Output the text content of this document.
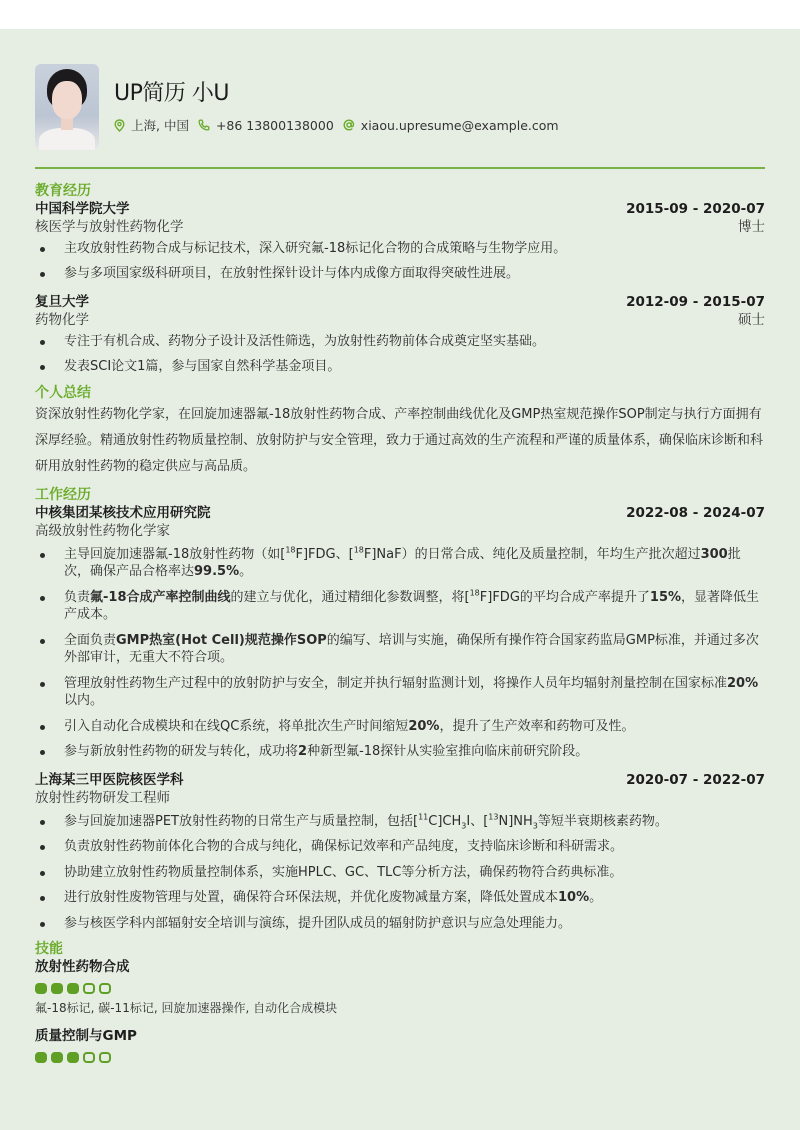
UP简历 小U
上海, 中国 +86 13800138000 xiaou.upresume@example.com
教育经历
中国科学院大学	2015-09 - 2020-07
核医学与放射性药物化学	博士
主攻放射性药物合成与标记技术，深入研究氟-18标记化合物的合成策略与生物学应用。
参与多项国家级科研项目，在放射性探针设计与体内成像方面取得突破性进展。
复旦大学	2012-09 - 2015-07
药物化学	硕士
专注于有机合成、药物分子设计及活性筛选，为放射性药物前体合成奠定坚实基础。
发表SCI论文1篇，参与国家自然科学基金项目。
个人总结
资深放射性药物化学家，在回旋加速器氟-18放射性药物合成、产率控制曲线优化及GMP热室规范操作SOP制定与执行方面拥有深厚经验。精通放射性药物质量控制、放射防护与安全管理，致力于通过高效的生产流程和严谨的质量体系，确保临床诊断和科研用放射性药物的稳定供应与高品质。
工作经历
中核集团某核技术应用研究院	2022-08 - 2024-07
高级放射性药物化学家
主导回旋加速器氟-18放射性药物（如[$^{18}$F]FDG、[$^{18}$F]NaF）的日常合成、纯化及质量控制，年均生产批次超过300批次，确保产品合格率达99.5%。
负责氟-18合成产率控制曲线的建立与优化，通过精细化参数调整，将[$^{18}$F]FDG的平均合成产率提升了15%，显著降低生产成本。
全面负责GMP热室(Hot Cell)规范操作SOP的编写、培训与实施，确保所有操作符合国家药监局GMP标准，并通过多次外部审计，无重大不符合项。
管理放射性药物生产过程中的放射防护与安全，制定并执行辐射监测计划，将操作人员年均辐射剂量控制在国家标准20%以内。
引入自动化合成模块和在线QC系统，将单批次生产时间缩短20%，提升了生产效率和药物可及性。
参与新放射性药物的研发与转化，成功将2种新型氟-18探针从实验室推向临床前研究阶段。
上海某三甲医院核医学科	2020-07 - 2022-07
放射性药物研发工程师
参与回旋加速器PET放射性药物的日常生产与质量控制，包括$[^{11}C]CH_3I$、$[^{13}N]NH_3$等短半衰期核素药物。
负责放射性药物前体化合物的合成与纯化，确保标记效率和产品纯度，支持临床诊断和科研需求。
协助建立放射性药物质量控制体系，实施HPLC、GC、TLC等分析方法，确保药物符合药典标准。
进行放射性废物管理与处置，确保符合环保法规，并优化废物减量方案，降低处置成本10%。
参与核医学科内部辐射安全培训与演练，提升团队成员的辐射防护意识与应急处理能力。
技能
放射性药物合成
氟-18标记, 碳-11标记, 回旋加速器操作, 自动化合成模块
质量控制与GMP
